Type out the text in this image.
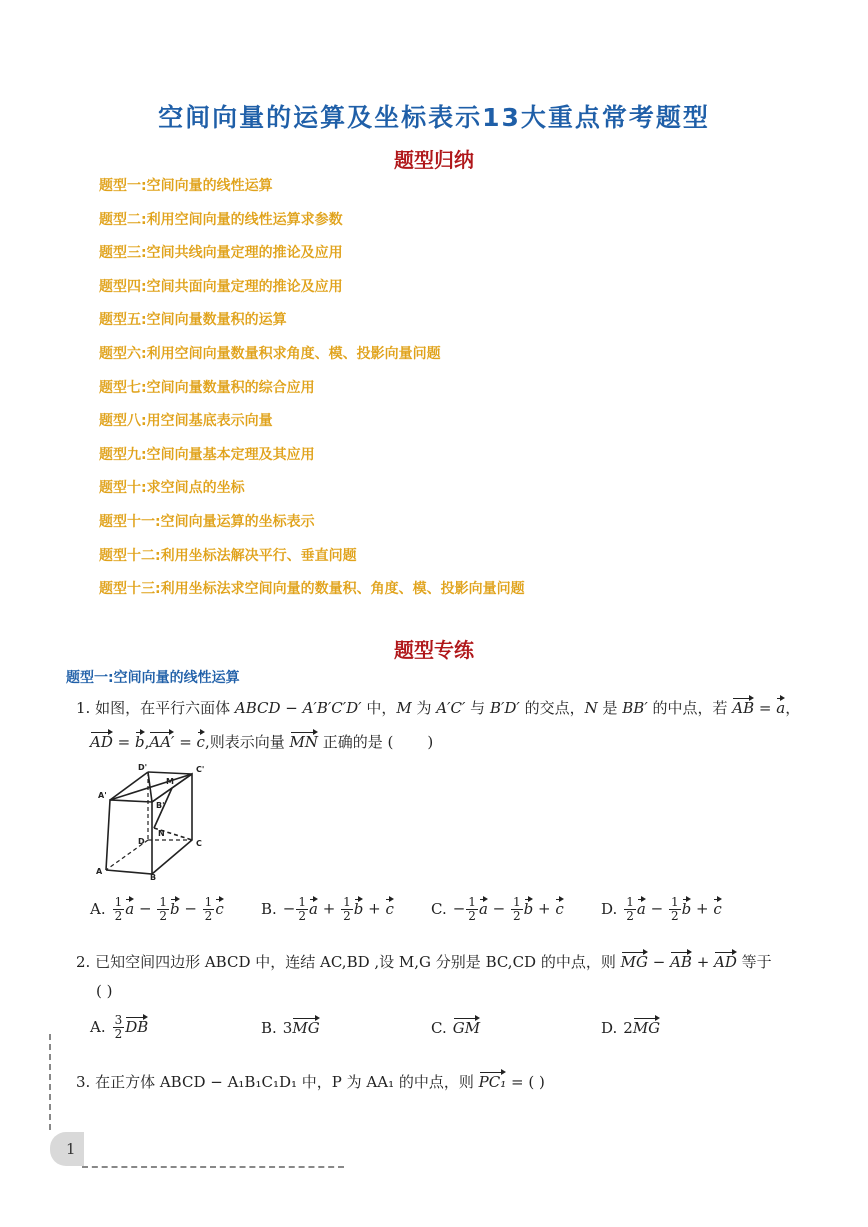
空间向量的运算及坐标表示13大重点常考题型
题型归纳
题型一:空间向量的线性运算
题型二:利用空间向量的线性运算求参数
题型三:空间共线向量定理的推论及应用
题型四:空间共面向量定理的推论及应用
题型五:空间向量数量积的运算
题型六:利用空间向量数量积求角度、模、投影向量问题
题型七:空间向量数量积的综合应用
题型八:用空间基底表示向量
题型九:空间向量基本定理及其应用
题型十:求空间点的坐标
题型十一:空间向量运算的坐标表示
题型十二:利用坐标法解决平行、垂直问题
题型十三:利用坐标法求空间向量的数量积、角度、模、投影向量问题
题型专练
题型一:空间向量的线性运算
1. 如图，在平行六面体 ABCD − A′B′C′D′ 中，M 为 A′C′ 与 B′D′ 的交点，N 是 BB′ 的中点，若 AB = a，
AD = b,AA′ = c,则表示向量 MN 正确的是 ( )
D'
M
C'
A'
B'
D
N
C
A
B
A. $\frac{1}{2}$ $a - \frac{1}{2}$ $b - \frac{1}{2}$ c B. − $\frac{1}{2}$ $a + \frac{1}{2}$ b + c C. − $\frac{1}{2}$ $a - \frac{1}{2}$ b + c D. $\frac{1}{2}$ $a - \frac{1}{2}$ b + c
2. 已知空间四边形 ABCD 中，连结 AC,BD ,设 M,G 分别是 BC,CD 的中点，则 MG − AB + AD 等于
( )
A. $\frac{3}{2}$ DB	B. 3MG	C. GM	D. 2MG
3. 在正方体 ABCD − A₁B₁C₁D₁ 中，P 为 AA₁ 的中点，则 PC₁ = ( )
1
